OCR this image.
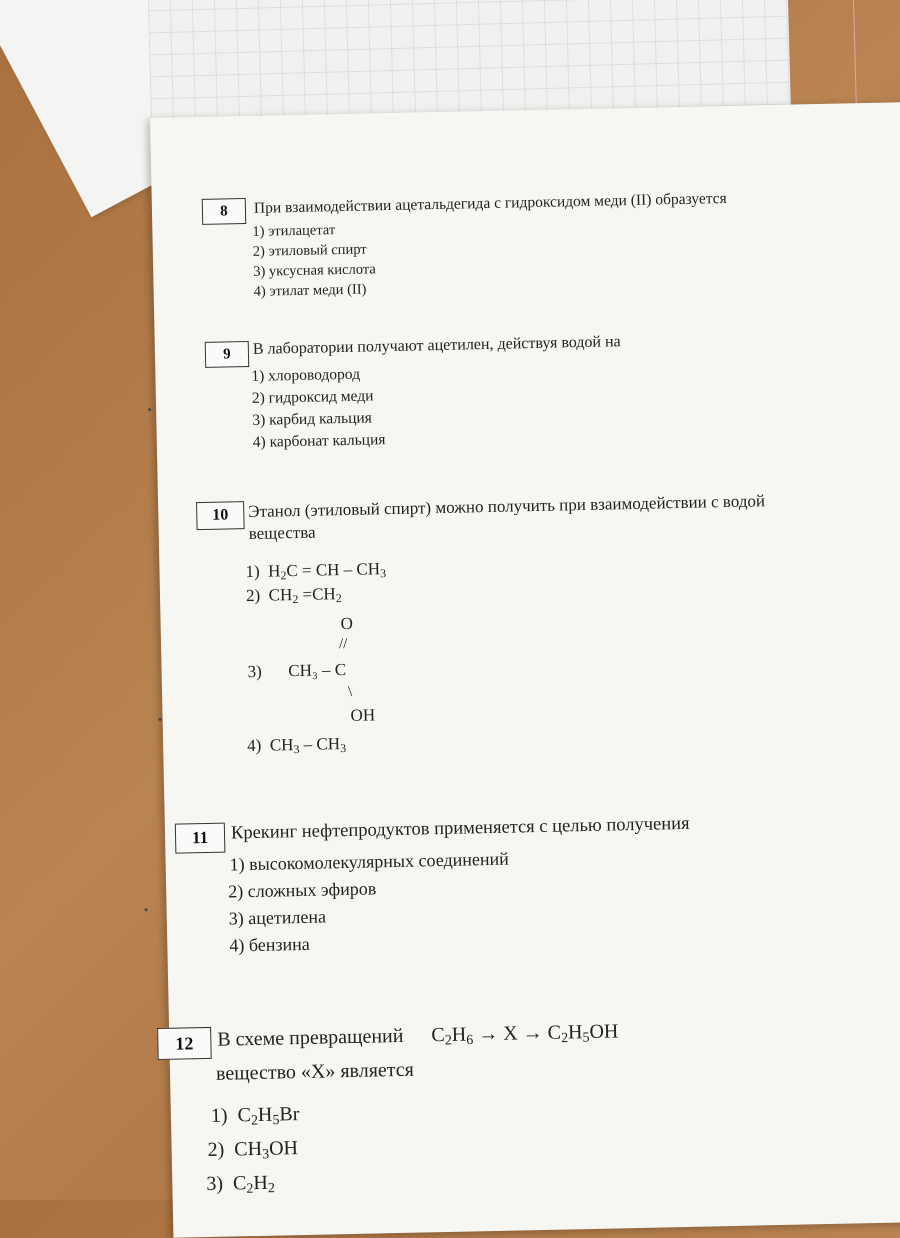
8	При взаимодействии ацетальдегида с гидроксидом меди (II) образуется
1) этилацетат
2) этиловый спирт
3) уксусная кислота
4) этилат меди (II)
9	В лаборатории получают ацетилен, действуя водой на
1) хлороводород
2) гидроксид меди
3) карбид кальция
4) карбонат кальция
10	Этанол (этиловый спирт) можно получить при взаимодействии с водой
вещества
1)  $H_2C$ = CH – $CH_3$
2)  $CH_2 =CH_2$
O
//
3) CH₃ – C
\
OH
4)  $CH_3 - CH_3$
11	Крекинг нефтепродуктов применяется с целью получения
1) высокомолекулярных соединений
2) сложных эфиров
3) ацетилена
4) бензина
12	В схеме превращений $C_2H_6 \to X \to C_2H_5OH$
вещество «X» является
1)  $C_2H_5Br$
2)  $CH_3OH$
3)  $C_2H_2$
